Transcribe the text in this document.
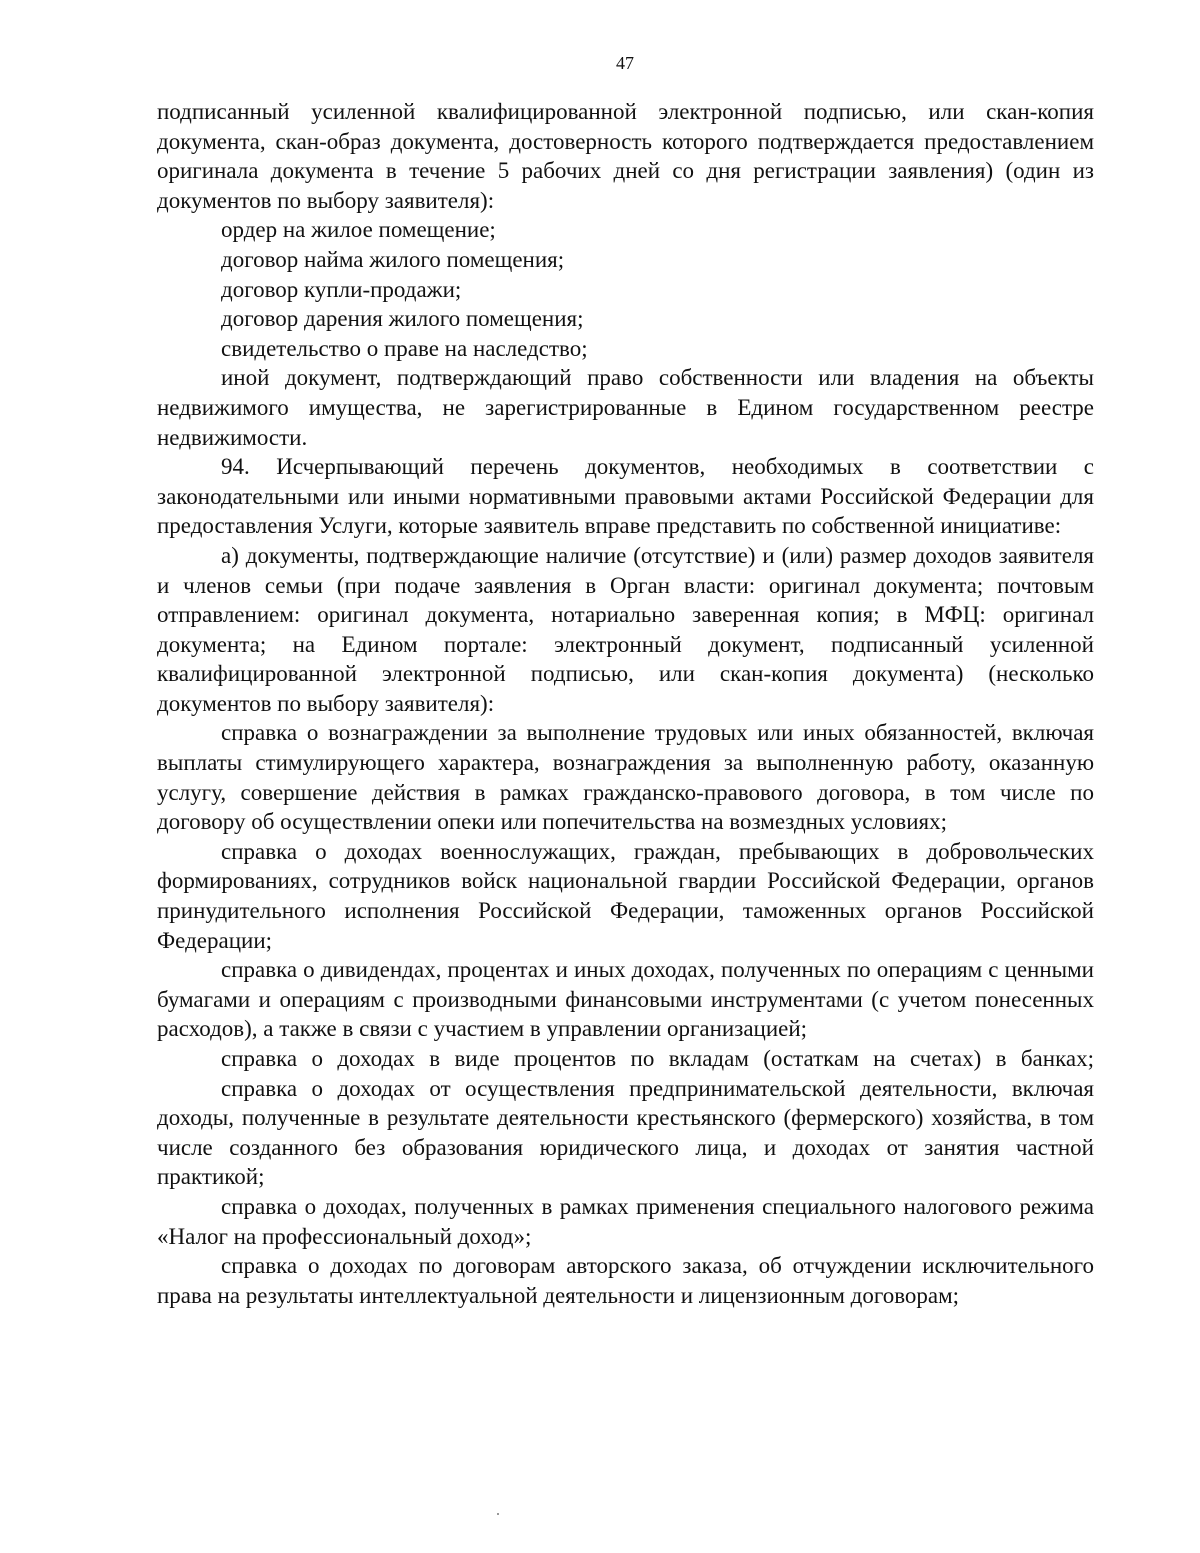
47

подписанный усиленной квалифицированной электронной подписью, или скан-копия документа, скан-образ документа, достоверность которого подтверждается предоставлением оригинала документа в течение 5 рабочих дней со дня регистрации заявления) (один из документов по выбору заявителя):

ордер на жилое помещение;

договор найма жилого помещения;

договор купли-продажи;

договор дарения жилого помещения;

свидетельство о праве на наследство;

иной документ, подтверждающий право собственности или владения на объекты недвижимого имущества, не зарегистрированные в Едином государственном реестре недвижимости.

94. Исчерпывающий перечень документов, необходимых в соответствии с законодательными или иными нормативными правовыми актами Российской Федерации для предоставления Услуги, которые заявитель вправе представить по собственной инициативе:

а) документы, подтверждающие наличие (отсутствие) и (или) размер доходов заявителя и членов семьи (при подаче заявления в Орган власти: оригинал документа; почтовым отправлением: оригинал документа, нотариально заверенная копия; в МФЦ: оригинал документа; на Едином портале: электронный документ, подписанный усиленной квалифицированной электронной подписью, или скан-копия документа) (несколько документов по выбору заявителя):

справка о вознаграждении за выполнение трудовых или иных обязанностей, включая выплаты стимулирующего характера, вознаграждения за выполненную работу, оказанную услугу, совершение действия в рамках гражданско-правового договора, в том числе по договору об осуществлении опеки или попечительства на возмездных условиях;

справка о доходах военнослужащих, граждан, пребывающих в добровольческих формированиях, сотрудников войск национальной гвардии Российской Федерации, органов принудительного исполнения Российской Федерации, таможенных органов Российской Федерации;

справка о дивидендах, процентах и иных доходах, полученных по операциям с ценными бумагами и операциям с производными финансовыми инструментами (с учетом понесенных расходов), а также в связи с участием в управлении организацией;

справка о доходах в виде процентов по вкладам (остаткам на счетах) в банках;

справка о доходах от осуществления предпринимательской деятельности, включая доходы, полученные в результате деятельности крестьянского (фермерского) хозяйства, в том числе созданного без образования юридического лица, и доходах от занятия частной практикой;

справка о доходах, полученных в рамках применения специального налогового режима «Налог на профессиональный доход»;

справка о доходах по договорам авторского заказа, об отчуждении исключительного права на результаты интеллектуальной деятельности и лицензионным договорам;
